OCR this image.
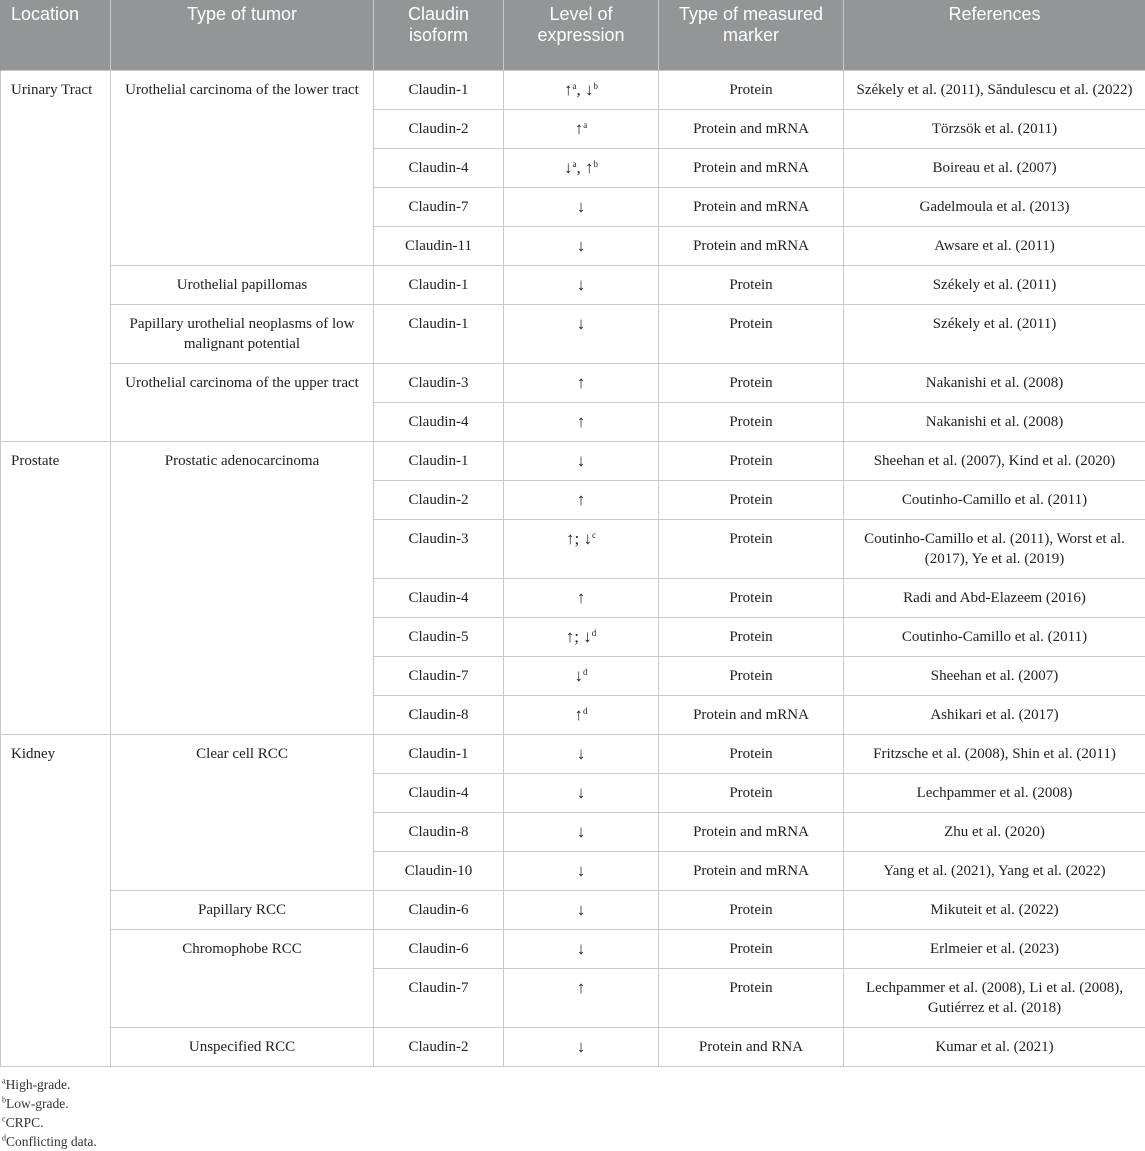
Location	Type of tumor	Claudin isoform	Level of expression	Type of measured marker	References
Urinary Tract	Urothelial carcinoma of the lower tract	Claudin-1	↑$^a$, ↓$^b$	Protein	Székely et al. (2011), Săndulescu et al. (2022)
		Claudin-2	↑$^a$	Protein and mRNA	Törzsök et al. (2011)
		Claudin-4	↓$^a$, ↑$^b$	Protein and mRNA	Boireau et al. (2007)
		Claudin-7	↓	Protein and mRNA	Gadelmoula et al. (2013)
		Claudin-11	↓	Protein and mRNA	Awsare et al. (2011)
	Urothelial papillomas	Claudin-1	↓	Protein	Székely et al. (2011)
	Papillary urothelial neoplasms of low malignant potential	Claudin-1	↓	Protein	Székely et al. (2011)
	Urothelial carcinoma of the upper tract	Claudin-3	↑	Protein	Nakanishi et al. (2008)
		Claudin-4	↑	Protein	Nakanishi et al. (2008)
Prostate	Prostatic adenocarcinoma	Claudin-1	↓	Protein	Sheehan et al. (2007), Kind et al. (2020)
		Claudin-2	↑	Protein	Coutinho-Camillo et al. (2011)
		Claudin-3	↑; ↓$^c$	Protein	Coutinho-Camillo et al. (2011), Worst et al. (2017), Ye et al. (2019)
		Claudin-4	↑	Protein	Radi and Abd-Elazeem (2016)
		Claudin-5	↑; ↓$^d$	Protein	Coutinho-Camillo et al. (2011)
		Claudin-7	↓$^d$	Protein	Sheehan et al. (2007)
		Claudin-8	↑$^d$	Protein and mRNA	Ashikari et al. (2017)
Kidney	Clear cell RCC	Claudin-1	↓	Protein	Fritzsche et al. (2008), Shin et al. (2011)
		Claudin-4	↓	Protein	Lechpammer et al. (2008)
		Claudin-8	↓	Protein and mRNA	Zhu et al. (2020)
		Claudin-10	↓	Protein and mRNA	Yang et al. (2021), Yang et al. (2022)
	Papillary RCC	Claudin-6	↓	Protein	Mikuteit et al. (2022)
	Chromophobe RCC	Claudin-6	↓	Protein	Erlmeier et al. (2023)
		Claudin-7	↑	Protein	Lechpammer et al. (2008), Li et al. (2008), Gutiérrez et al. (2018)
	Unspecified RCC	Claudin-2	↓	Protein and RNA	Kumar et al. (2021)
$^a$High-grade.
$^b$Low-grade.
$^c$CRPC.
$^d$Conflicting data.
